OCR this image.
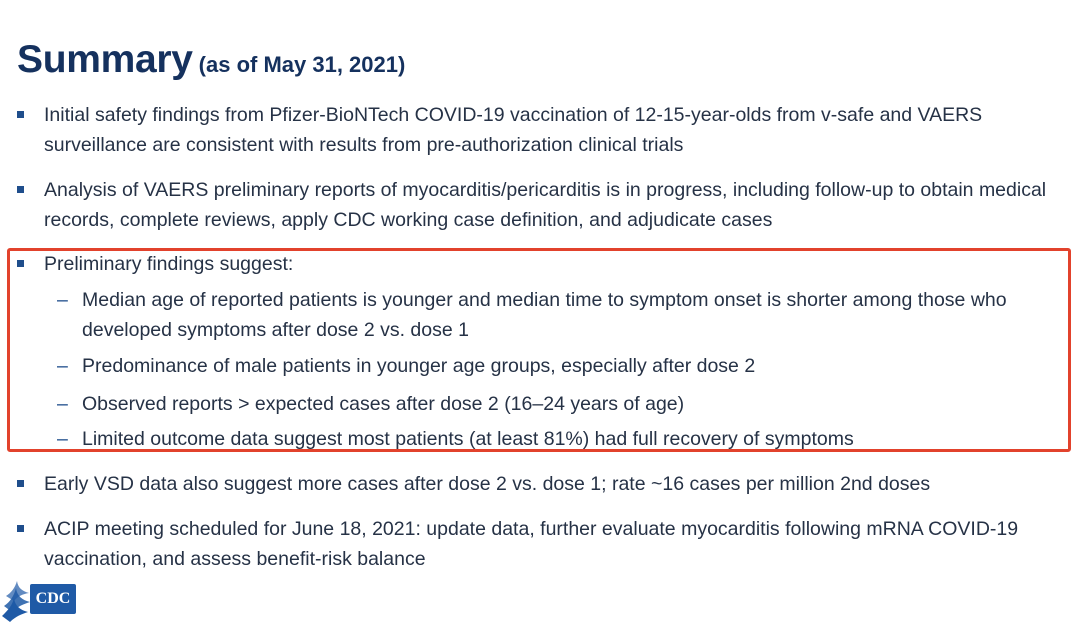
Summary (as of May 31, 2021)
Initial safety findings from Pfizer-BioNTech COVID-19 vaccination of 12-15-year-olds from v-safe and VAERS surveillance are consistent with results from pre-authorization clinical trials
Analysis of VAERS preliminary reports of myocarditis/pericarditis is in progress, including follow-up to obtain medical records, complete reviews, apply CDC working case definition, and adjudicate cases
Preliminary findings suggest:
– Median age of reported patients is younger and median time to symptom onset is shorter among those who developed symptoms after dose 2 vs. dose 1
– Predominance of male patients in younger age groups, especially after dose 2
– Observed reports > expected cases after dose 2 (16–24 years of age)
– Limited outcome data suggest most patients (at least 81%) had full recovery of symptoms
Early VSD data also suggest more cases after dose 2 vs. dose 1; rate ~16 cases per million 2nd doses
ACIP meeting scheduled for June 18, 2021: update data, further evaluate myocarditis following mRNA COVID-19 vaccination, and assess benefit-risk balance
CDC
